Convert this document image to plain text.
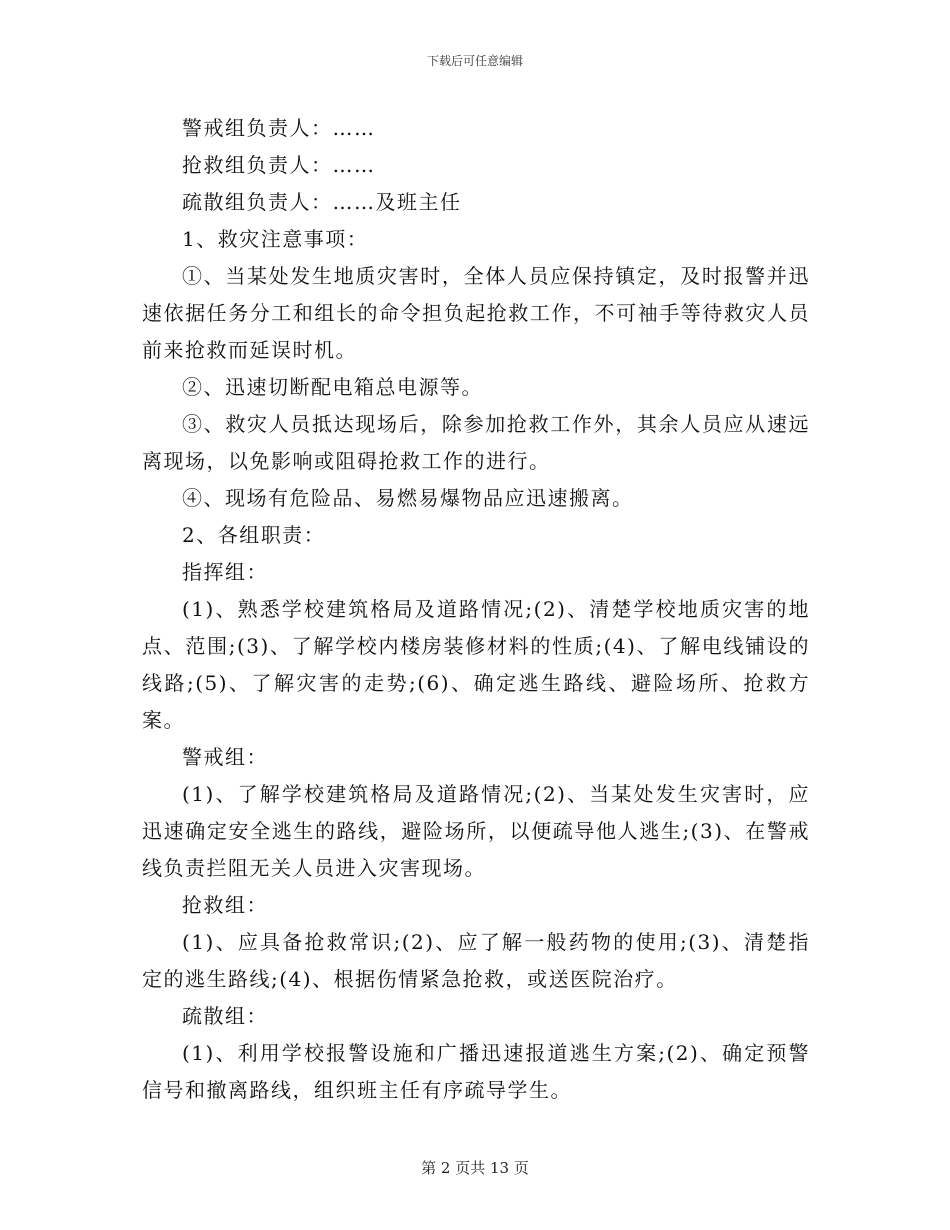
下载后可任意编辑
警戒组负责人：……
抢救组负责人：……
疏散组负责人：……及班主任
1、救灾注意事项：
①、当某处发生地质灾害时，全体人员应保持镇定，及时报警并迅速依据任务分工和组长的命令担负起抢救工作，不可袖手等待救灾人员前来抢救而延误时机。
②、迅速切断配电箱总电源等。
③、救灾人员抵达现场后，除参加抢救工作外，其余人员应从速远离现场，以免影响或阻碍抢救工作的进行。
④、现场有危险品、易燃易爆物品应迅速搬离。
2、各组职责：
指挥组：
(1)、熟悉学校建筑格局及道路情况;(2)、清楚学校地质灾害的地点、范围;(3)、了解学校内楼房装修材料的性质;(4)、了解电线铺设的线路;(5)、了解灾害的走势;(6)、确定逃生路线、避险场所、抢救方案。
警戒组：
(1)、了解学校建筑格局及道路情况;(2)、当某处发生灾害时，应迅速确定安全逃生的路线，避险场所，以便疏导他人逃生;(3)、在警戒线负责拦阻无关人员进入灾害现场。
抢救组：
(1)、应具备抢救常识;(2)、应了解一般药物的使用;(3)、清楚指定的逃生路线;(4)、根据伤情紧急抢救，或送医院治疗。
疏散组：
(1)、利用学校报警设施和广播迅速报道逃生方案;(2)、确定预警信号和撤离路线，组织班主任有序疏导学生。
第 2 页共 13 页
